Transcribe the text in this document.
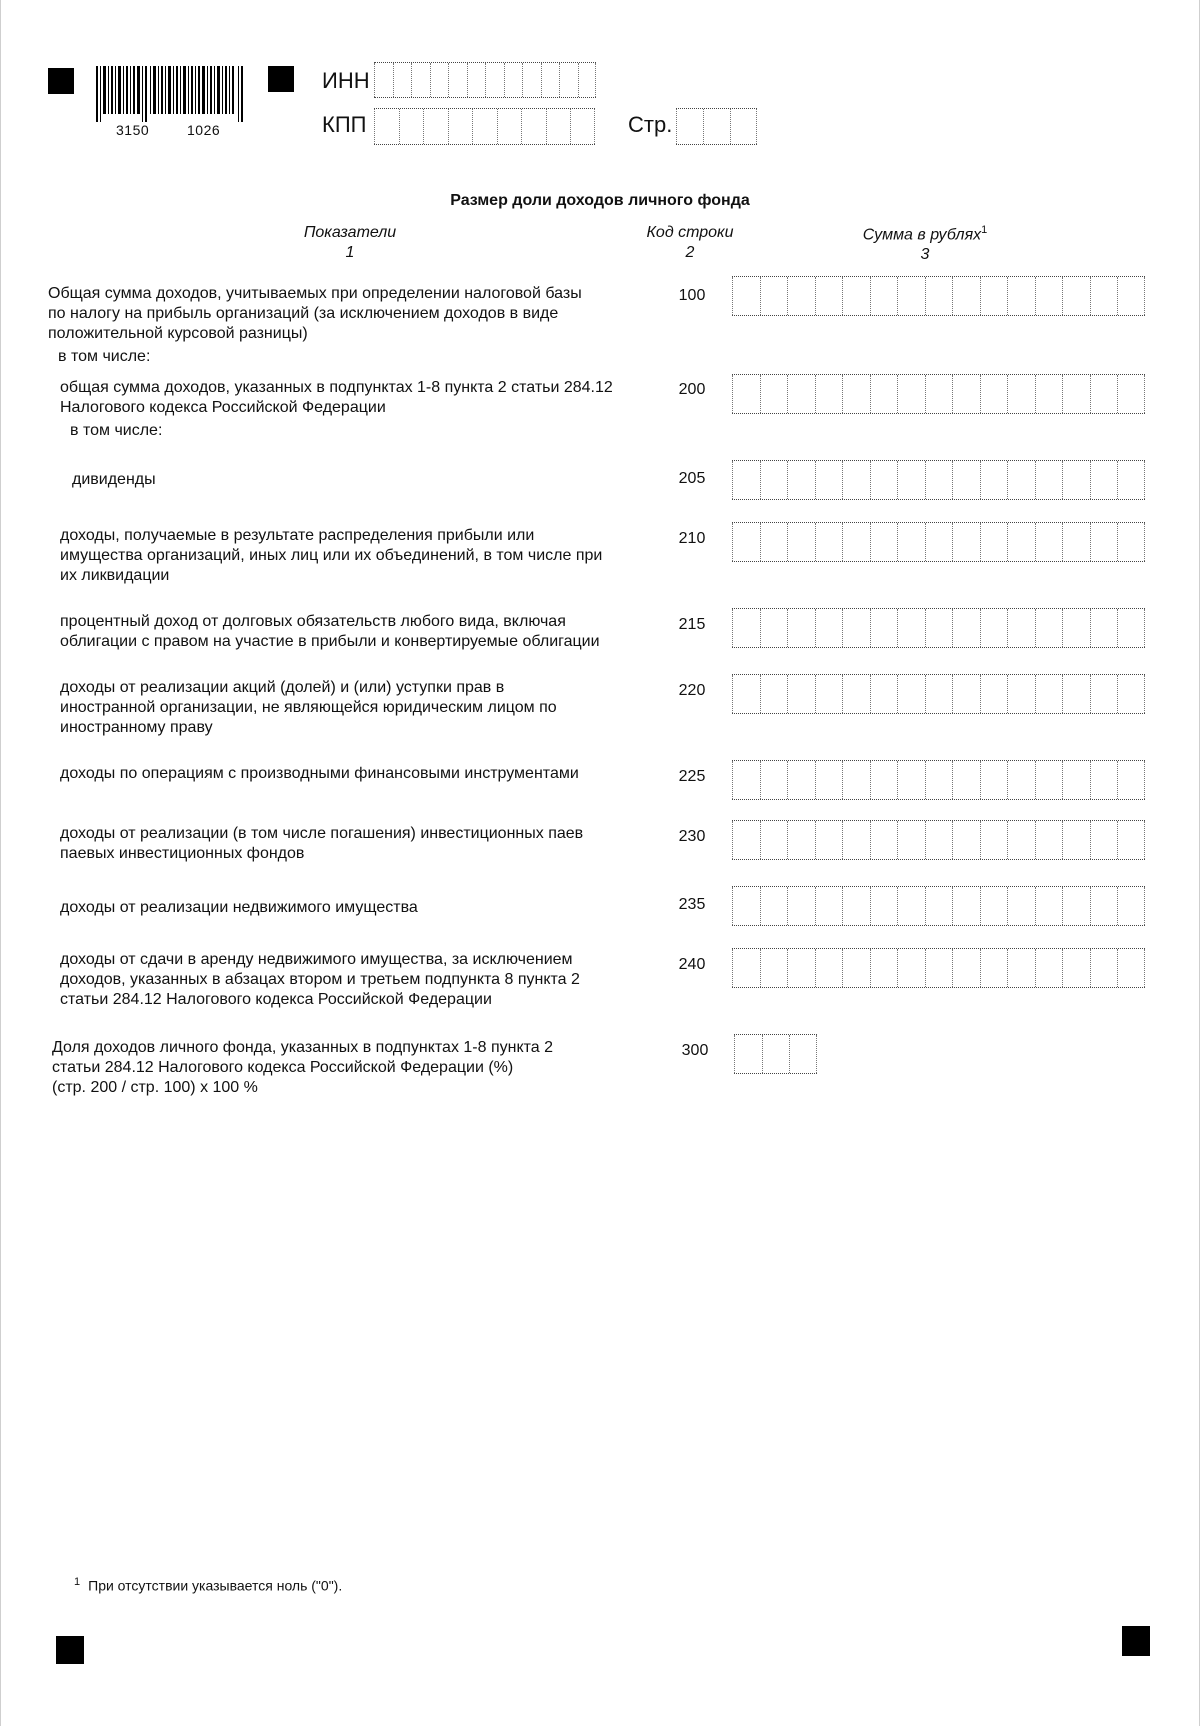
3150	1026
ИНН
КПП	Стр.
Размер доли доходов личного фонда
Показатели
1
Код строки
2
Сумма в рублях$^1$
3
Общая сумма доходов, учитываемых при определении налоговой базы
по налогу на прибыль организаций (за исключением доходов в виде
положительной курсовой разницы)
в том числе:
100
общая сумма доходов, указанных в подпунктах 1-8 пункта 2 статьи 284.12
Налогового кодекса Российской Федерации
в том числе:
200
дивиденды	205
доходы, получаемые в результате распределения прибыли или
имущества организаций, иных лиц или их объединений, в том числе при
их ликвидации
210
процентный доход от долговых обязательств любого вида, включая
облигации с правом на участие в прибыли и конвертируемые облигации
215
доходы от реализации акций (долей) и (или) уступки прав в
иностранной организации, не являющейся юридическим лицом по
иностранному праву
220
доходы по операциям с производными финансовыми инструментами	225
доходы от реализации (в том числе погашения) инвестиционных паев
паевых инвестиционных фондов
230
доходы от реализации недвижимого имущества	235
доходы от сдачи в аренду недвижимого имущества, за исключением
доходов, указанных в абзацах втором и третьем подпункта 8 пункта 2
статьи 284.12 Налогового кодекса Российской Федерации
240
Доля доходов личного фонда, указанных в подпунктах 1-8 пункта 2
статьи 284.12 Налогового кодекса Российской Федерации (%)
(стр. 200 / стр. 100) х 100 %
300
$^1$ При отсутствии указывается ноль ("0").
